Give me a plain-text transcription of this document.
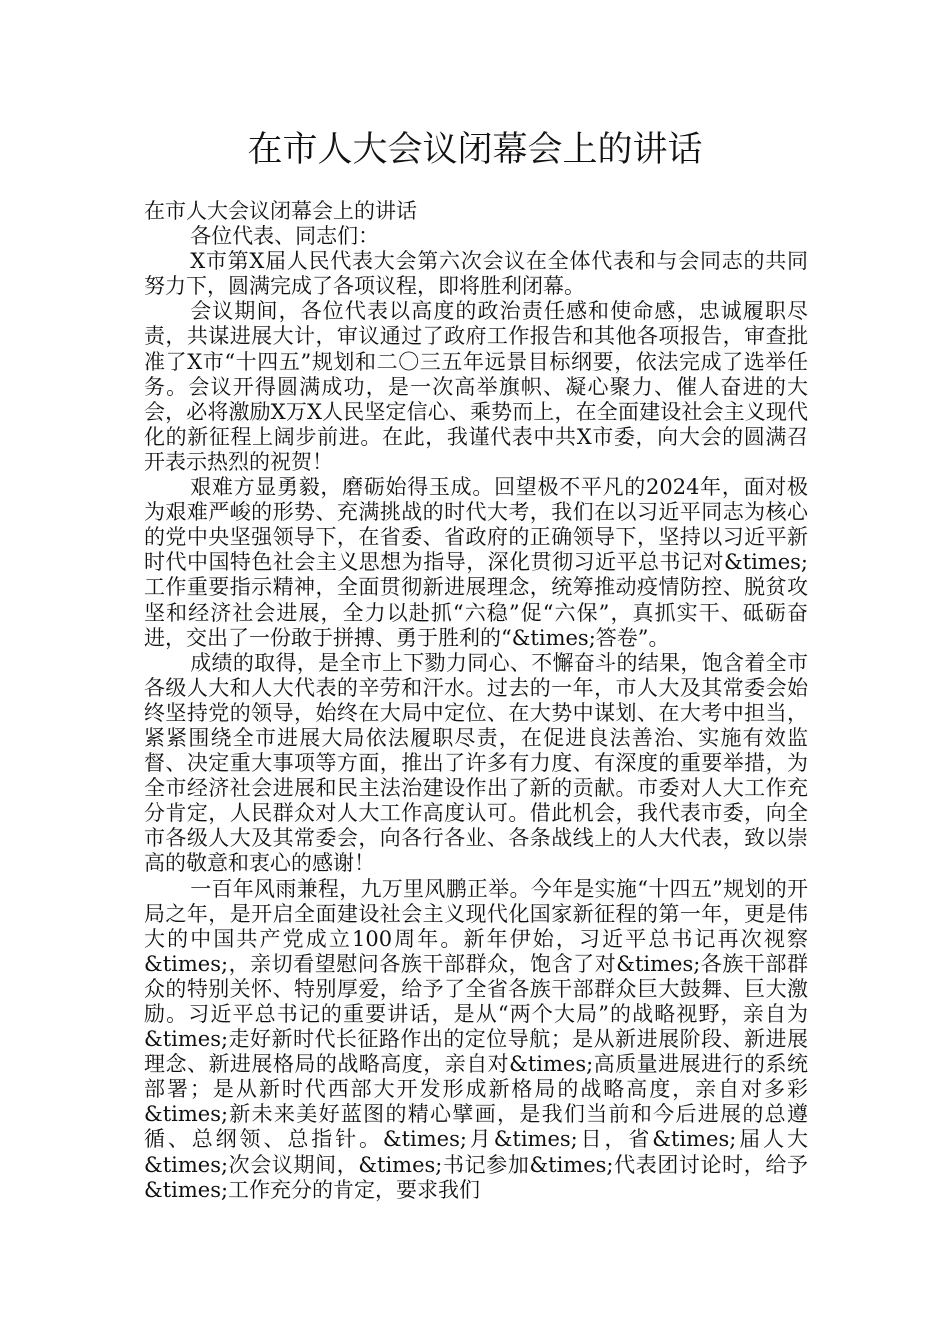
在市人大会议闭幕会上的讲话

在市人大会议闭幕会上的讲话

各位代表、同志们：

X市第X届人民代表大会第六次会议在全体代表和与会同志的共同努力下，圆满完成了各项议程，即将胜利闭幕。

会议期间，各位代表以高度的政治责任感和使命感，忠诚履职尽责，共谋进展大计，审议通过了政府工作报告和其他各项报告，审查批准了X市“十四五”规划和二〇三五年远景目标纲要，依法完成了选举任务。会议开得圆满成功，是一次高举旗帜、凝心聚力、催人奋进的大会，必将激励X万X人民坚定信心、乘势而上，在全面建设社会主义现代化的新征程上阔步前进。在此，我谨代表中共X市委，向大会的圆满召开表示热烈的祝贺！

艰难方显勇毅，磨砺始得玉成。回望极不平凡的2024年，面对极为艰难严峻的形势、充满挑战的时代大考，我们在以习近平同志为核心的党中央坚强领导下，在省委、省政府的正确领导下，坚持以习近平新时代中国特色社会主义思想为指导，深化贯彻习近平总书记对&times;工作重要指示精神，全面贯彻新进展理念，统筹推动疫情防控、脱贫攻坚和经济社会进展，全力以赴抓“六稳”促“六保”，真抓实干、砥砺奋进，交出了一份敢于拼搏、勇于胜利的“&times;答卷”。

成绩的取得，是全市上下勠力同心、不懈奋斗的结果，饱含着全市各级人大和人大代表的辛劳和汗水。过去的一年，市人大及其常委会始终坚持党的领导，始终在大局中定位、在大势中谋划、在大考中担当，紧紧围绕全市进展大局依法履职尽责，在促进良法善治、实施有效监督、决定重大事项等方面，推出了许多有力度、有深度的重要举措，为全市经济社会进展和民主法治建设作出了新的贡献。市委对人大工作充分肯定，人民群众对人大工作高度认可。借此机会，我代表市委，向全市各级人大及其常委会，向各行各业、各条战线上的人大代表，致以崇高的敬意和衷心的感谢！

一百年风雨兼程，九万里风鹏正举。今年是实施“十四五”规划的开局之年，是开启全面建设社会主义现代化国家新征程的第一年，更是伟大的中国共产党成立100周年。新年伊始，习近平总书记再次视察&times;，亲切看望慰问各族干部群众，饱含了对&times;各族干部群众的特别关怀、特别厚爱，给予了全省各族干部群众巨大鼓舞、巨大激励。习近平总书记的重要讲话，是从“两个大局”的战略视野，亲自为&times;走好新时代长征路作出的定位导航；是从新进展阶段、新进展理念、新进展格局的战略高度，亲自对&times;高质量进展进行的系统部署；是从新时代西部大开发形成新格局的战略高度，亲自对多彩&times;新未来美好蓝图的精心擘画，是我们当前和今后进展的总遵循、总纲领、总指针。&times;月&times;日，省&times;届人大&times;次会议期间，&times;书记参加&times;代表团讨论时，给予&times;工作充分的肯定，要求我们
